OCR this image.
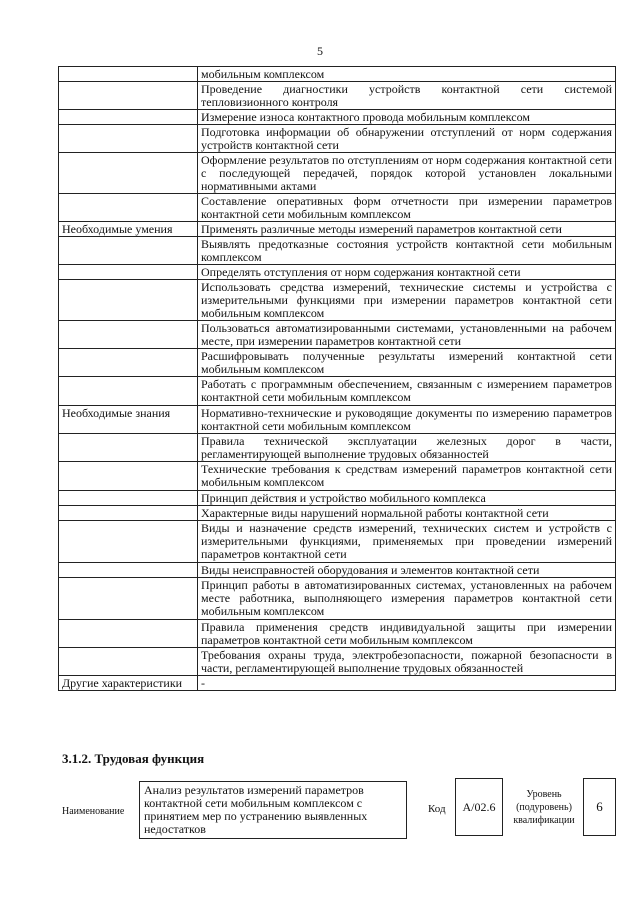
5
	мобильным комплексом
	Проведение диагностики устройств контактной сети системой тепловизионного контроля
	Измерение износа контактного провода мобильным комплексом
	Подготовка информации об обнаружении отступлений от норм содержания устройств контактной сети
	Оформление результатов по отступлениям от норм содержания контактной сети с последующей передачей, порядок которой установлен локальными нормативными актами
	Составление оперативных форм отчетности при измерении параметров контактной сети мобильным комплексом
Необходимые умения	Применять различные методы измерений параметров контактной сети
	Выявлять предотказные состояния устройств контактной сети мобильным комплексом
	Определять отступления от норм содержания контактной сети
	Использовать средства измерений, технические системы и устройства с измерительными функциями при измерении параметров контактной сети мобильным комплексом
	Пользоваться автоматизированными системами, установленными на рабочем месте, при измерении параметров контактной сети
	Расшифровывать полученные результаты измерений контактной сети мобильным комплексом
	Работать с программным обеспечением, связанным с измерением параметров контактной сети мобильным комплексом
Необходимые знания	Нормативно-технические и руководящие документы по измерению параметров контактной сети мобильным комплексом
	Правила технической эксплуатации железных дорог в части, регламентирующей выполнение трудовых обязанностей
	Технические требования к средствам измерений параметров контактной сети мобильным комплексом
	Принцип действия и устройство мобильного комплекса
	Характерные виды нарушений нормальной работы контактной сети
	Виды и назначение средств измерений, технических систем и устройств с измерительными функциями, применяемых при проведении измерений параметров контактной сети
	Виды неисправностей оборудования и элементов контактной сети
	Принцип работы в автоматизированных системах, установленных на рабочем месте работника, выполняющего измерения параметров контактной сети мобильным комплексом
	Правила применения средств индивидуальной защиты при измерении параметров контактной сети мобильным комплексом
	Требования охраны труда, электробезопасности, пожарной безопасности в части, регламентирующей выполнение трудовых обязанностей
Другие характеристики	-
3.1.2. Трудовая функция
Наименование
Анализ результатов измерений параметров контактной сети мобильным комплексом с принятием мер по устранению выявленных недостатков
Код	А/02.6
Уровень (подуровень) квалификации
6
